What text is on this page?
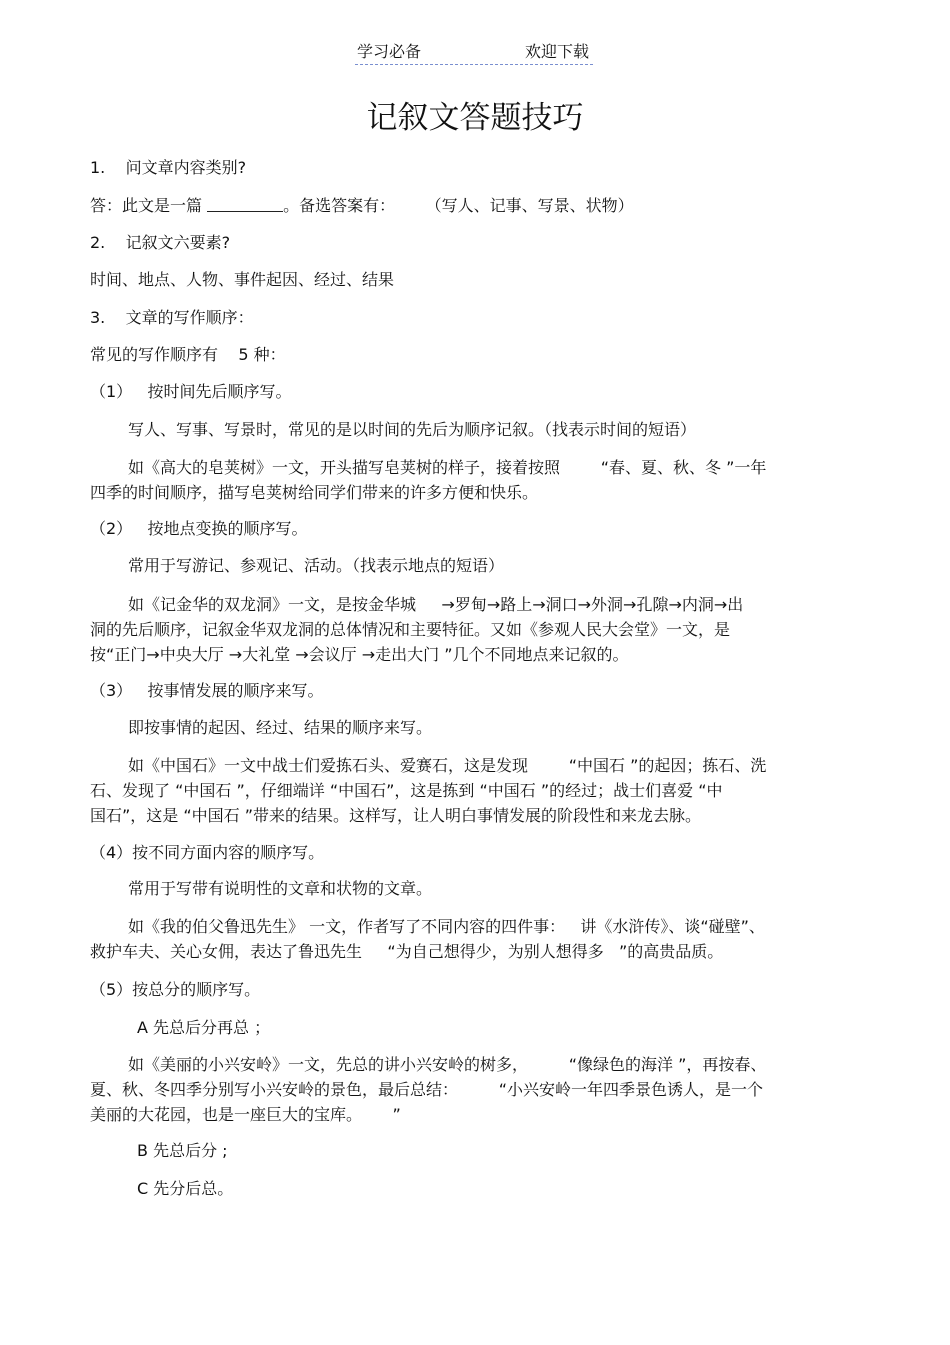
学习必备	欢迎下载
记叙文答题技巧
1.    问文章内容类别?
答：此文是一篇	。备选答案有：      （写人、记事、写景、状物）
2.    记叙文六要素?
时间、地点、人物、事件起因、经过、结果
3.    文章的写作顺序：
常见的写作顺序有    5 种：
（1）   按时间先后顺序写。
写人、写事、写景时，常见的是以时间的先后为顺序记叙。（找表示时间的短语）
如《高大的皂荚树》一文，开头描写皂荚树的样子，接着按照        “春、夏、秋、冬 ”一年
四季的时间顺序，描写皂荚树给同学们带来的许多方便和快乐。
（2）   按地点变换的顺序写。
常用于写游记、参观记、活动。（找表示地点的短语）
如《记金华的双龙洞》一文，是按金华城     →罗甸→路上→洞口→外洞→孔隙→内洞→出
洞的先后顺序，记叙金华双龙洞的总体情况和主要特征。又如《参观人民大会堂》一文，是
按“正门→中央大厅 →大礼堂 →会议厅 →走出大门 ”几个不同地点来记叙的。
（3）   按事情发展的顺序来写。
即按事情的起因、经过、结果的顺序来写。
如《中国石》一文中战士们爱拣石头、爱赛石，这是发现        “中国石 ”的起因；拣石、洗
石、发现了 “中国石 ”，仔细端详 “中国石”，这是拣到 “中国石 ”的经过；战士们喜爱 “中
国石”，这是 “中国石 ”带来的结果。这样写，让人明白事情发展的阶段性和来龙去脉。
（4）按不同方面内容的顺序写。
常用于写带有说明性的文章和状物的文章。
如《我的伯父鲁迅先生》 一文，作者写了不同内容的四件事：   讲《水浒传》、谈“碰壁”、
救护车夫、关心女佣，表达了鲁迅先生     “为自己想得少，为别人想得多   ”的高贵品质。
（5）按总分的顺序写。
A 先总后分再总 ；
如《美丽的小兴安岭》一文，先总的讲小兴安岭的树多，        “像绿色的海洋 ”，再按春、
夏、秋、冬四季分别写小兴安岭的景色，最后总结：        “小兴安岭一年四季景色诱人，是一个
美丽的大花园，也是一座巨大的宝库。      ”
B 先总后分 ;
C 先分后总。
